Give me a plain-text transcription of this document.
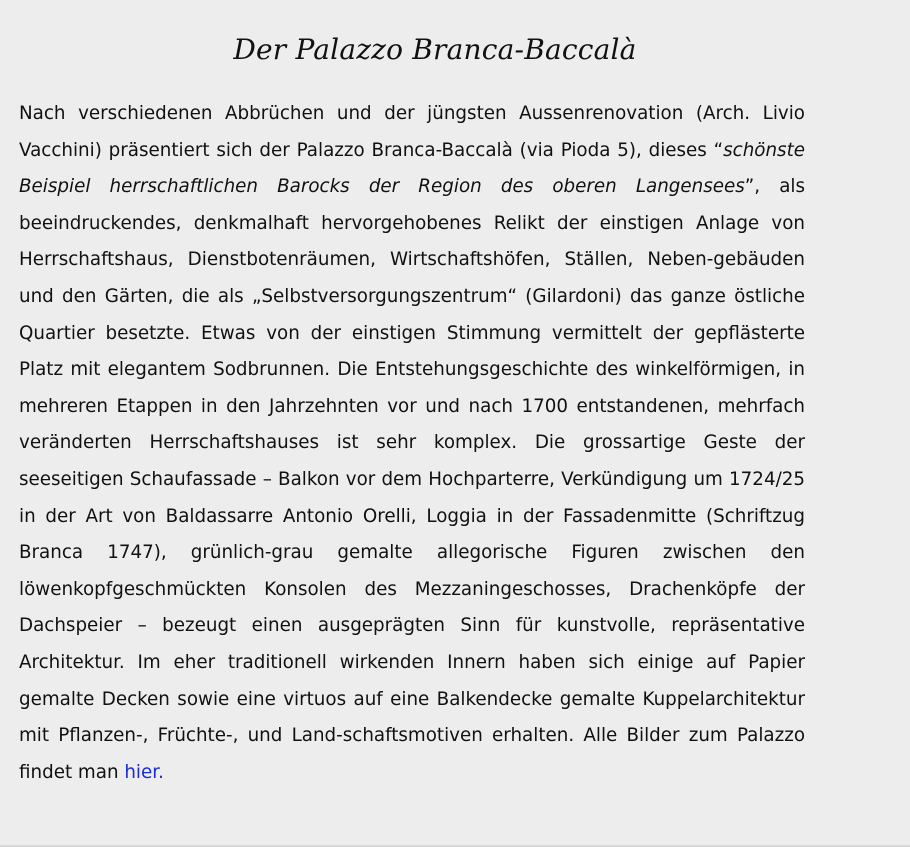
Der Palazzo Branca-Baccalà
Nach verschiedenen Abbrüchen und der jüngsten Aussenrenovation (Arch. Livio Vacchini) präsentiert sich der Palazzo Branca-Baccalà (via Pioda 5), dieses “schönste Beispiel herrschaftlichen Barocks der Region des oberen Langensees”, als beeindruckendes, denkmalhaft hervorgehobenes Relikt der einstigen Anlage von Herrschaftshaus, Dienstbotenräumen, Wirtschaftshöfen, Ställen, Neben-gebäuden und den Gärten, die als „Selbstversorgungszentrum“ (Gilardoni) das ganze östliche Quartier besetzte. Etwas von der einstigen Stimmung vermittelt der gepflästerte Platz mit elegantem Sodbrunnen. Die Entstehungsgeschichte des winkelförmigen, in mehreren Etappen in den Jahrzehnten vor und nach 1700 entstandenen, mehrfach veränderten Herrschaftshauses ist sehr komplex. Die grossartige Geste der seeseitigen Schaufassade – Balkon vor dem Hochparterre, Verkündigung um 1724/25 in der Art von Baldassarre Antonio Orelli, Loggia in der Fassadenmitte (Schriftzug Branca 1747), grünlich-grau gemalte allegorische Figuren zwischen den löwenkopfgeschmückten Konsolen des Mezzaningeschosses, Drachenköpfe der Dachspeier – bezeugt einen ausgeprägten Sinn für kunstvolle, repräsentative Architektur. Im eher traditionell wirkenden Innern haben sich einige auf Papier gemalte Decken sowie eine virtuos auf eine Balkendecke gemalte Kuppelarchitektur mit Pflanzen-, Früchte-, und Land-schaftsmotiven erhalten. Alle Bilder zum Palazzo findet man hier.
